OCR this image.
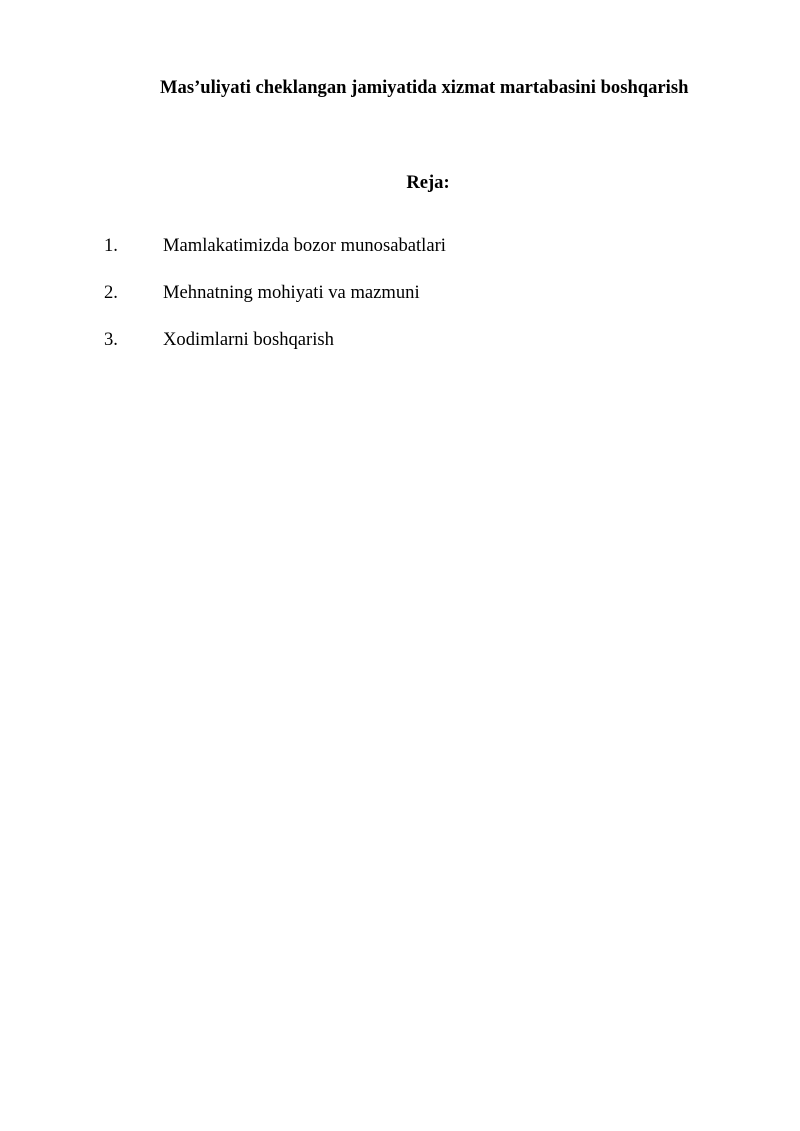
Mas’uliyati cheklangan jamiyatida xizmat martabasini boshqarish
Reja:
1. Mamlakatimizda bozor munosabatlari
2. Mehnatning mohiyati va mazmuni
3. Xodimlarni boshqarish
